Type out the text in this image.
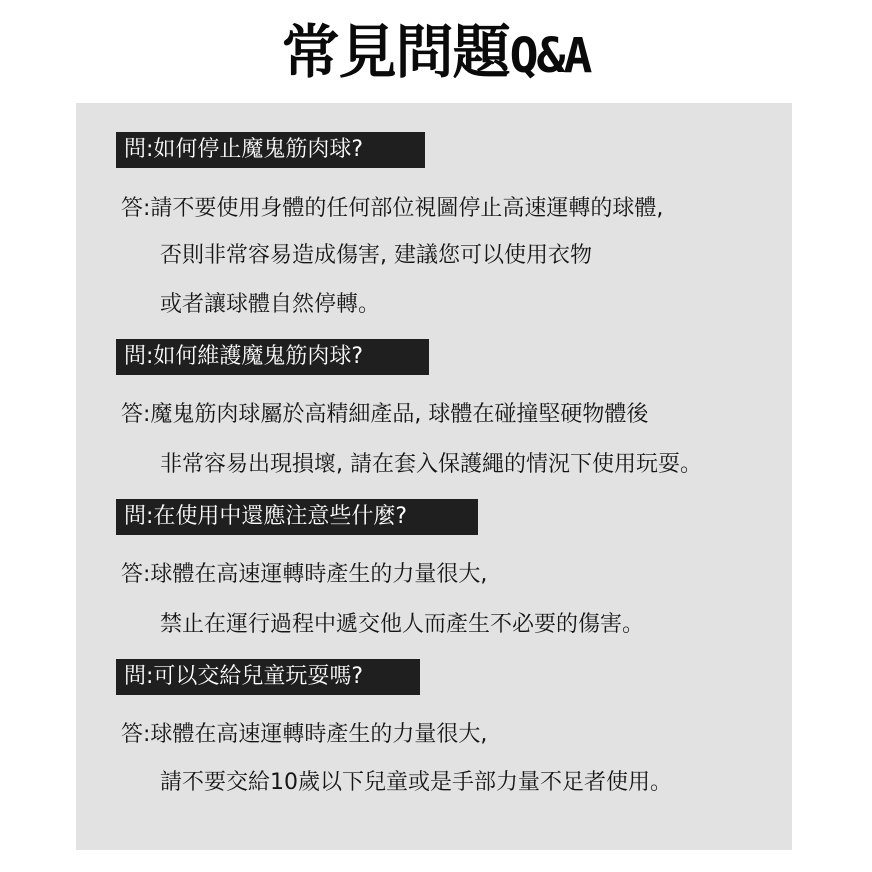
常見問題Q&A
問:如何停止魔鬼筋肉球?
答:請不要使用身體的任何部位視圖停止高速運轉的球體,
否則非常容易造成傷害, 建議您可以使用衣物
或者讓球體自然停轉。
問:如何維護魔鬼筋肉球?
答:魔鬼筋肉球屬於高精細產品, 球體在碰撞堅硬物體後
非常容易出現損壞, 請在套入保護繩的情況下使用玩耍。
問:在使用中還應注意些什麼?
答:球體在高速運轉時產生的力量很大,
禁止在運行過程中遞交他人而產生不必要的傷害。
問:可以交給兒童玩耍嗎?
答:球體在高速運轉時產生的力量很大,
請不要交給10歲以下兒童或是手部力量不足者使用。
